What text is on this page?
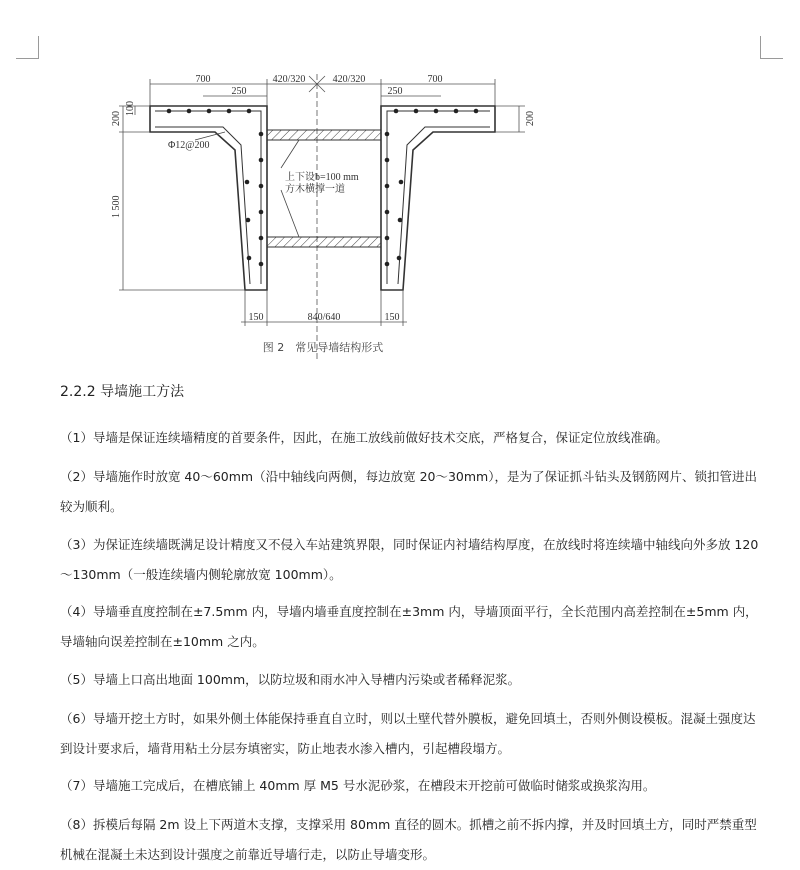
700	420/320	420/320	700
250	250
200
100
200
1 500
Φ12@200
上下设b=100 mm
方木横撑一道
150	840/640	150
图 2　常见导墙结构形式
2.2.2 导墙施工方法
（1）导墙是保证连续墙精度的首要条件，因此，在施工放线前做好技术交底，严格复合，保证定位放线准确。
（2）导墙施作时放宽 40～60mm（沿中轴线向两侧，每边放宽 20～30mm），是为了保证抓斗钻头及钢筋网片、锁扣管进出较为顺利。
（3）为保证连续墙既满足设计精度又不侵入车站建筑界限，同时保证内衬墙结构厚度，在放线时将连续墙中轴线向外多放 120～130mm（一般连续墙内侧轮廓放宽 100mm）。
（4）导墙垂直度控制在±7.5mm 内，导墙内墙垂直度控制在±3mm 内，导墙顶面平行，全长范围内高差控制在±5mm 内，导墙轴向误差控制在±10mm 之内。
（5）导墙上口高出地面 100mm，以防垃圾和雨水冲入导槽内污染或者稀释泥浆。
（6）导墙开挖土方时，如果外侧土体能保持垂直自立时，则以土壁代替外膜板，避免回填土，否则外侧设模板。混凝土强度达到设计要求后，墙背用粘土分层夯填密实，防止地表水渗入槽内，引起槽段塌方。
（7）导墙施工完成后，在槽底铺上 40mm 厚 M5 号水泥砂浆，在槽段末开挖前可做临时储浆或换浆沟用。
（8）拆模后每隔 2m 设上下两道木支撑，支撑采用 80mm 直径的圆木。抓槽之前不拆内撑，并及时回填土方，同时严禁重型机械在混凝土未达到设计强度之前靠近导墙行走，以防止导墙变形。
